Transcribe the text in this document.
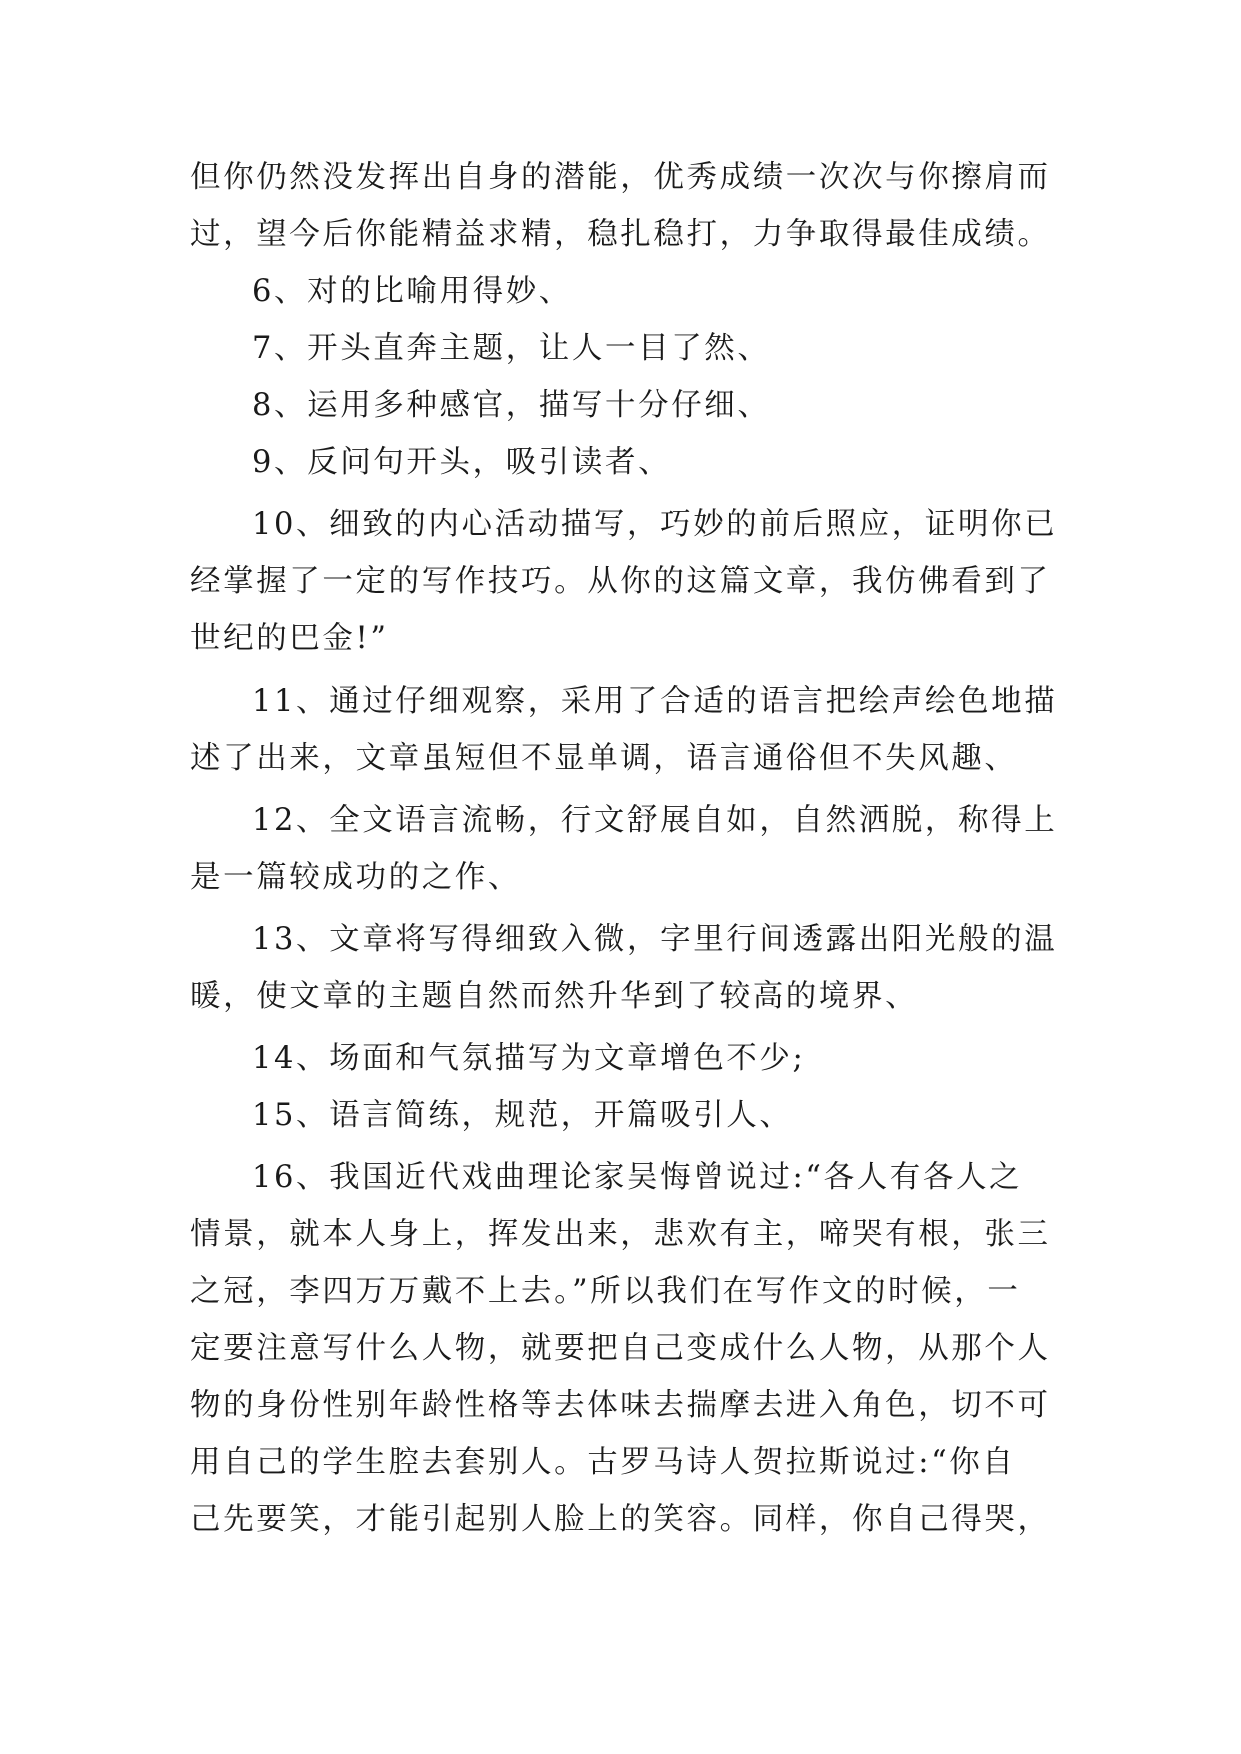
但你仍然没发挥出自身的潜能，优秀成绩一次次与你擦肩而
过，望今后你能精益求精，稳扎稳打，力争取得最佳成绩。
6、对的比喻用得妙、
7、开头直奔主题，让人一目了然、
8、运用多种感官，描写十分仔细、
9、反问句开头，吸引读者、
10、细致的内心活动描写，巧妙的前后照应，证明你已
经掌握了一定的写作技巧。从你的这篇文章，我仿佛看到了
世纪的巴金!”
11、通过仔细观察，采用了合适的语言把绘声绘色地描
述了出来，文章虽短但不显单调，语言通俗但不失风趣、
12、全文语言流畅，行文舒展自如，自然洒脱，称得上
是一篇较成功的之作、
13、文章将写得细致入微，字里行间透露出阳光般的温
暖，使文章的主题自然而然升华到了较高的境界、
14、场面和气氛描写为文章增色不少;
15、语言简练，规范，开篇吸引人、
16、我国近代戏曲理论家吴悔曾说过:“各人有各人之
情景，就本人身上，挥发出来，悲欢有主，啼哭有根，张三
之冠，李四万万戴不上去。”所以我们在写作文的时候，一
定要注意写什么人物，就要把自己变成什么人物，从那个人
物的身份性别年龄性格等去体味去揣摩去进入角色，切不可
用自己的学生腔去套别人。古罗马诗人贺拉斯说过:“你自
己先要笑，才能引起别人脸上的笑容。同样，你自己得哭，
